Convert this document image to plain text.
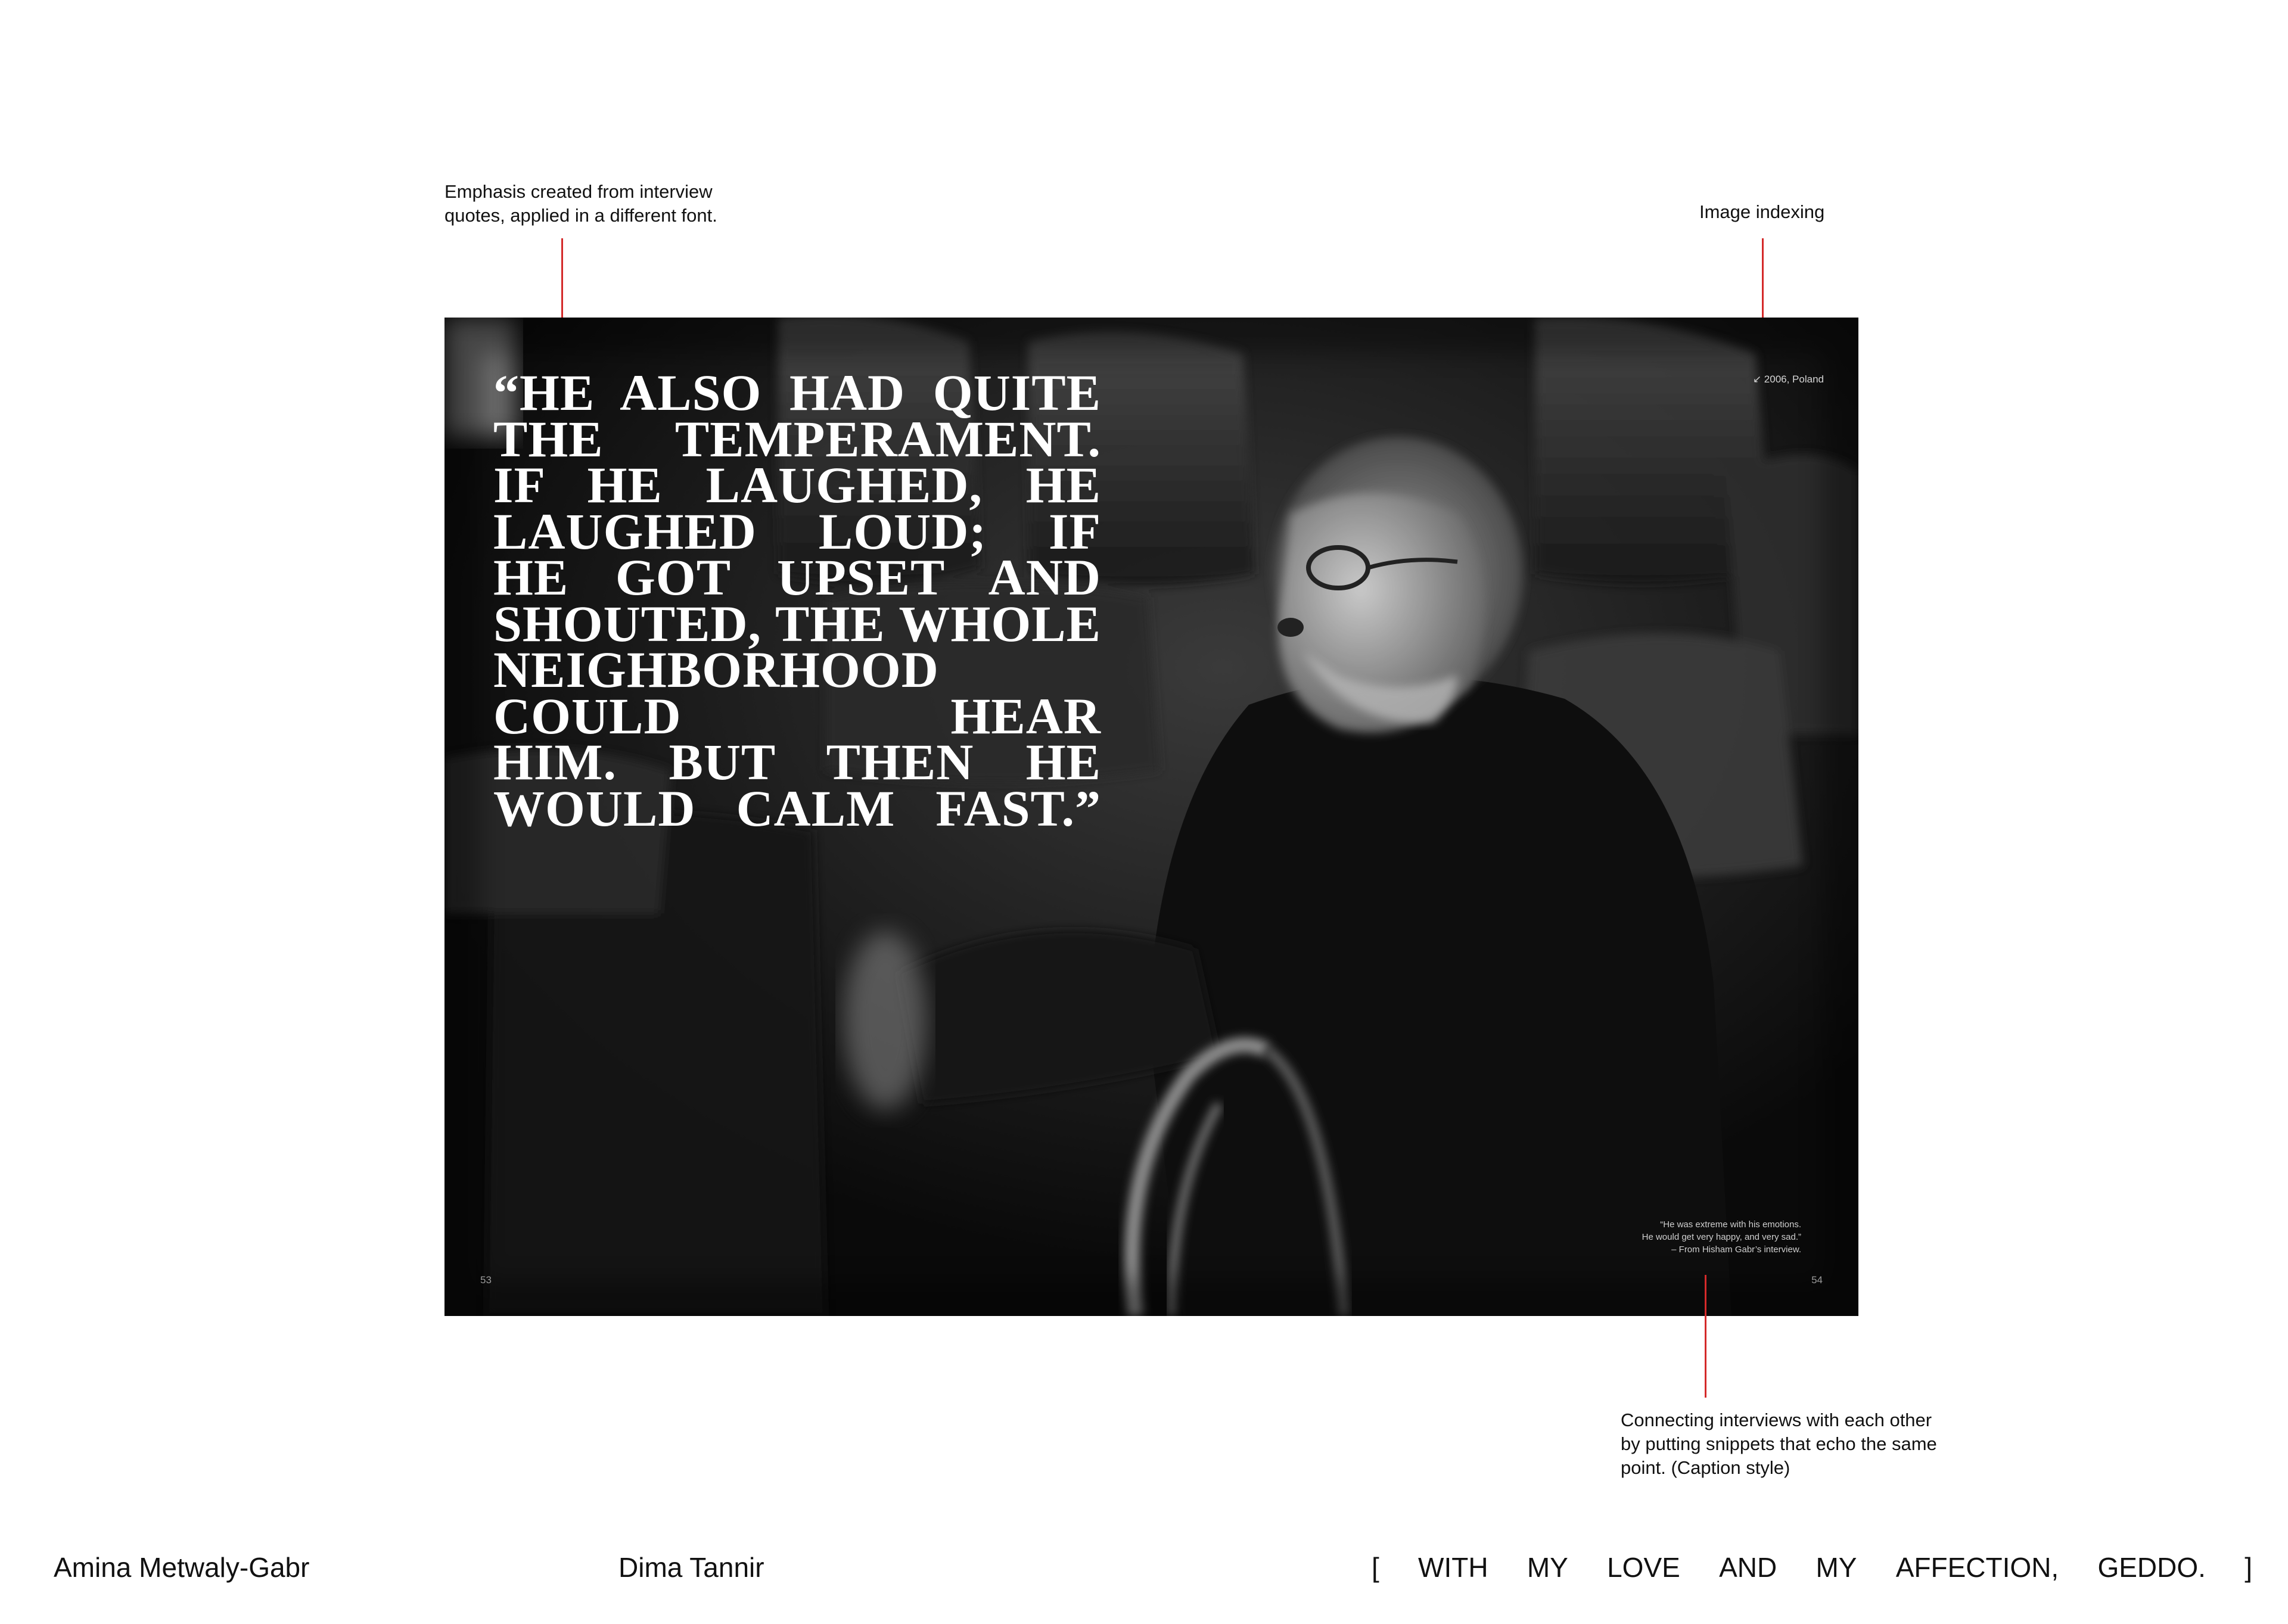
Emphasis created from interview quotes, applied in a different font.	Image indexing
“HE ALSO HAD QUITE
THE TEMPERAMENT.
IF HE LAUGHED, HE
LAUGHED LOUD; IF
HE GOT UPSET AND
SHOUTED, THE WHOLE
NEIGHBORHOOD
COULD HEAR
HIM. BUT THEN HE
WOULD CALM FAST.”
↙ 2006, Poland
53	54
“He was extreme with his emotions.
He would get very happy, and very sad.”
– From Hisham Gabr’s interview.
Connecting interviews with each other by putting snippets that echo the same point. (Caption style)
Amina Metwaly-Gabr	Dima Tannir	[ WITH MY LOVE AND MY AFFECTION, GEDDO. ]
